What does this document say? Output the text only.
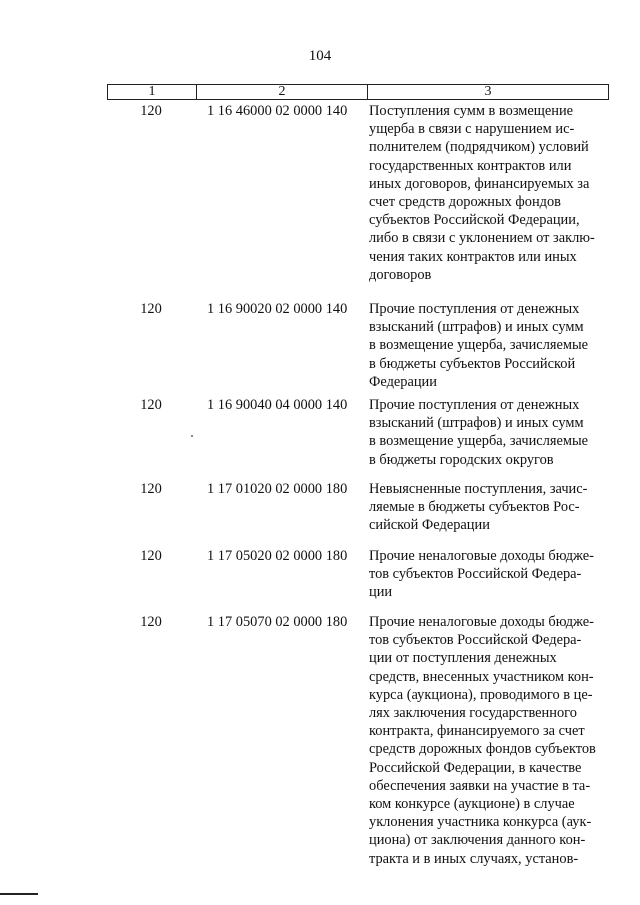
104
1	2	3
120	1 16 46000 02 0000 140	Поступления сумм в возмещение
ущерба в связи с нарушением ис-
полнителем (подрядчиком) условий
государственных контрактов или
иных договоров, финансируемых за
счет средств дорожных фондов
субъектов Российской Федерации,
либо в связи с уклонением от заклю-
чения таких контрактов или иных
договоров
120	1 16 90020 02 0000 140	Прочие поступления от денежных
взысканий (штрафов) и иных сумм
в возмещение ущерба, зачисляемые
в бюджеты субъектов Российской
Федерации
120	1 16 90040 04 0000 140	Прочие поступления от денежных
взысканий (штрафов) и иных сумм
в возмещение ущерба, зачисляемые
в бюджеты городских округов
120	1 17 01020 02 0000 180	Невыясненные поступления, зачис-
ляемые в бюджеты субъектов Рос-
сийской Федерации
120	1 17 05020 02 0000 180	Прочие неналоговые доходы бюдже-
тов субъектов Российской Федера-
ции
120	1 17 05070 02 0000 180	Прочие неналоговые доходы бюдже-
тов субъектов Российской Федера-
ции от поступления денежных
средств, внесенных участником кон-
курса (аукциона), проводимого в це-
лях заключения государственного
контракта, финансируемого за счет
средств дорожных фондов субъектов
Российской Федерации, в качестве
обеспечения заявки на участие в та-
ком конкурсе (аукционе) в случае
уклонения участника конкурса (аук-
циона) от заключения данного кон-
тракта и в иных случаях, установ-
